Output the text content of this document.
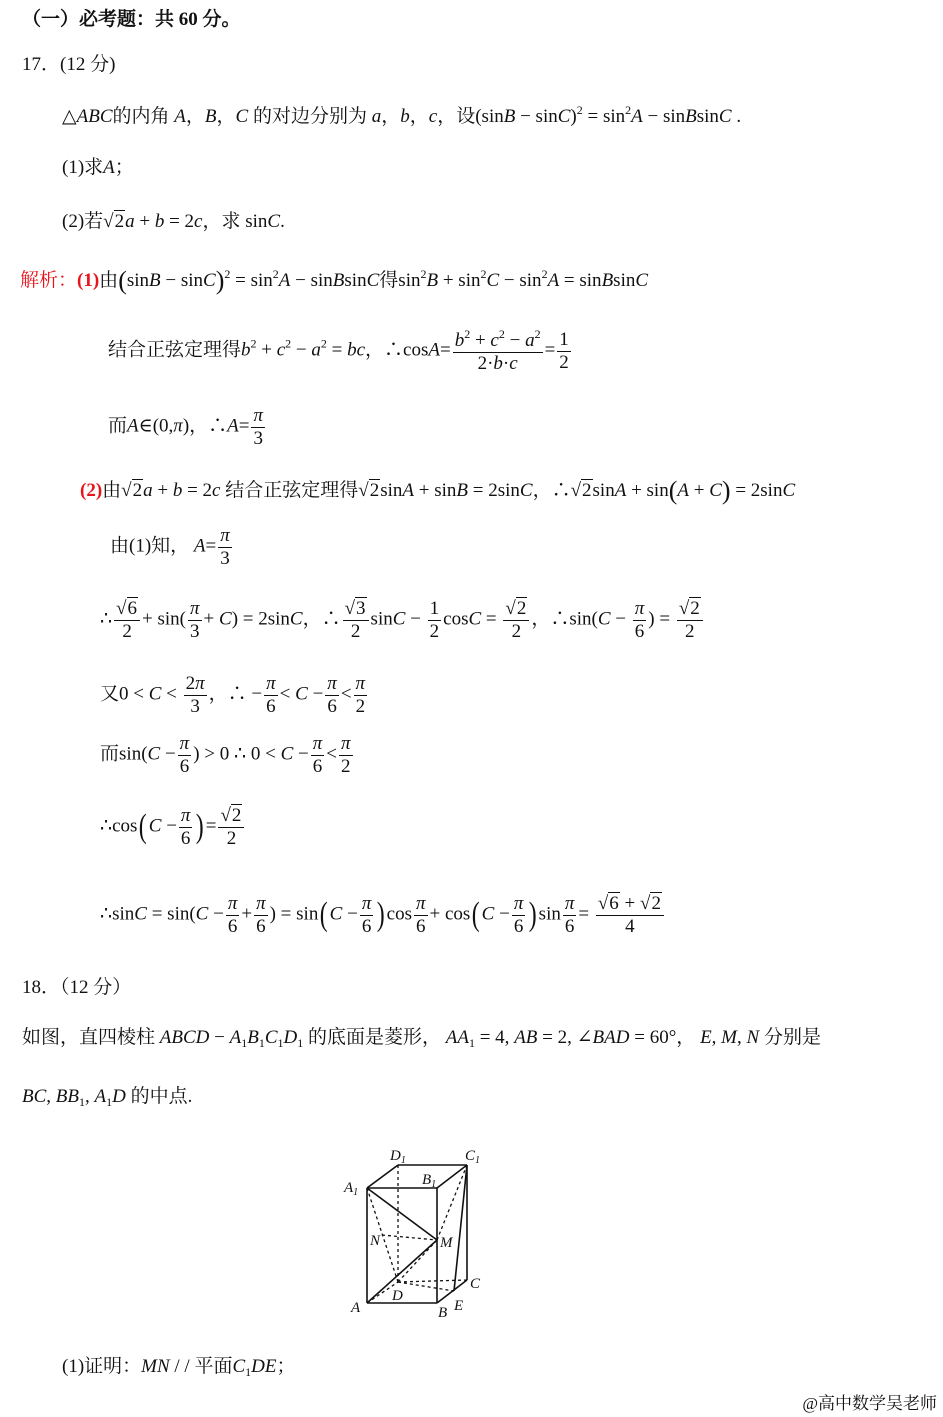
（一）必考题：共 60 分。
17．(12 分)
△ABC的内角 A，B，C 的对边分别为 a，b，c，设$(\sin B - \sin C)^2 = \sin^2A$ − sinBsinC .
(1)求A；
(2)若√2a + b = 2c，求 sinC.
解析：(1)由$(\sin B - \sin C)^2 = \sin^2A$ − sinBsinC得$\sin^2B + \sin^2C - \sin^2A$ = sinBsinC
结合正弦定理得$b^2 + c^2 - a^2$ = bc，∴cosA= $\frac{b^2 + c^2 - a^2}{2\cdot b\cdot c} = \frac{1}{2}$
而A∈(0,π)，∴A= $\frac{\pi}{3}$
(2)由√2a + b = 2c 结合正弦定理得√2sinA + sinB = 2sinC，∴√2sinA + sin(A + C) = 2sinC
由(1)知， $A= \frac{\pi}{3}$
∴ $\frac{√6}{2} + \sin( \frac{\pi}{3} + C) = 2\sin C$，∴ $\frac{√3}{2}$ $\sin C - \frac{1}{2}$ $\cos C = \frac{√2}{2}$ ，∴sin(C − $\frac{\pi}{6}$ ) = $\frac{√2}{2}$
又$0 < C < \frac{2\pi}{3}$ ，∴ − $\frac{\pi}{6} < C - \frac{\pi}{6} < \frac{\pi}{2}$
而$\sin(C - \frac{\pi}{6}$ ) > 0 ∴ $0 < C - \frac{\pi}{6} < \frac{\pi}{2}$
∴cos(C − $\frac{\pi}{6}$ )= $\frac{√2}{2}$
∴sinC = $\sin(C - \frac{\pi}{6} + \frac{\pi}{6}$ ) = $\sin(C - \frac{\pi}{6} )\cos \frac{\pi}{6} + \cos(C - \frac{\pi}{6} )\sin \frac{\pi}{6} = \frac{√6 + √2}{4}$
18．（12 分）
如图，直四棱柱 ABCD − $A_1B_1C_1D_1$ 的底面是菱形， $AA_1 = 4$, AB = 2, ∠BAD = 60°， E, M, N 分别是
BC, $BB_1$, $A_1D$ 的中点.
$D_1$	$C_1$
$B_1$
$A_1$
N	M
D
C
A	B E
(1)证明：MN / / 平面$C_1DE$；
@高中数学吴老师
